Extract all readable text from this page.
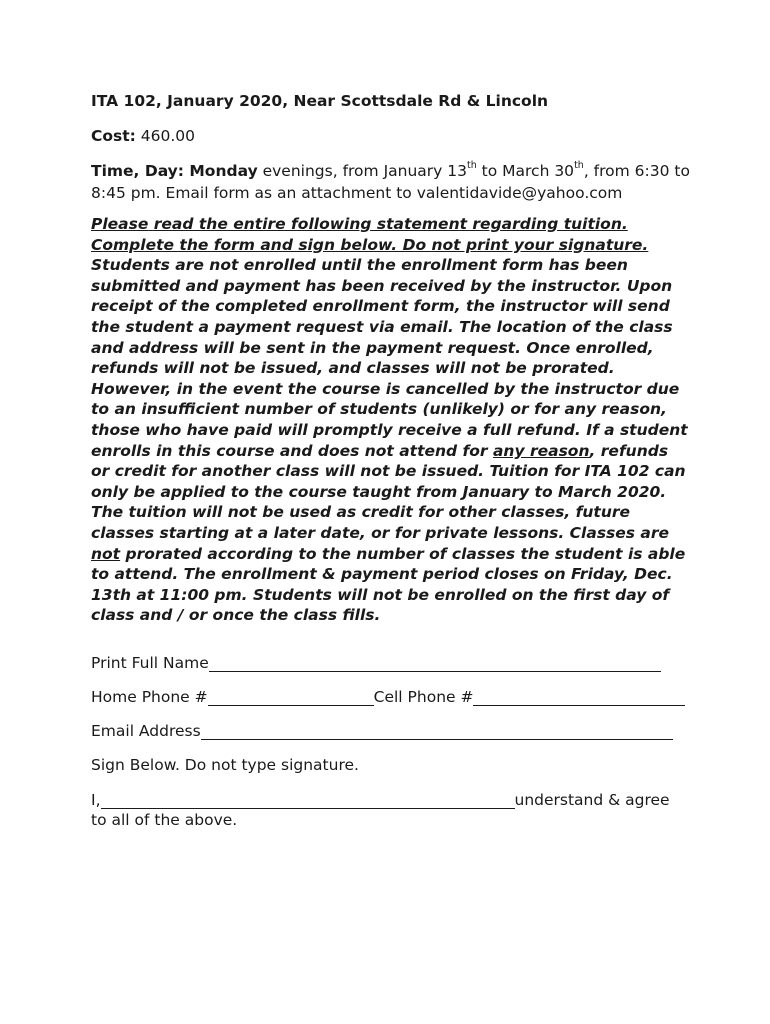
ITA 102, January 2020, Near Scottsdale Rd & Lincoln
Cost: 460.00
Time, Day: Monday evenings, from January 13th to March 30th, from 6:30 to 8:45 pm. Email form as an attachment to valentidavide@yahoo.com
Please read the entire following statement regarding tuition. Complete the form and sign below. Do not print your signature. Students are not enrolled until the enrollment form has been submitted and payment has been received by the instructor. Upon receipt of the completed enrollment form, the instructor will send the student a payment request via email. The location of the class and address will be sent in the payment request. Once enrolled, refunds will not be issued, and classes will not be prorated. However, in the event the course is cancelled by the instructor due to an insufficient number of students (unlikely) or for any reason, those who have paid will promptly receive a full refund. If a student enrolls in this course and does not attend for any reason, refunds or credit for another class will not be issued. Tuition for ITA 102 can only be applied to the course taught from January to March 2020. The tuition will not be used as credit for other classes, future classes starting at a later date, or for private lessons. Classes are not prorated according to the number of classes the student is able to attend. The enrollment & payment period closes on Friday, Dec. 13th at 11:00 pm. Students will not be enrolled on the first day of class and / or once the class fills.
Print Full Name
Home Phone #	Cell Phone #
Email Address
Sign Below. Do not type signature.
I,	understand & agree
to all of the above.
